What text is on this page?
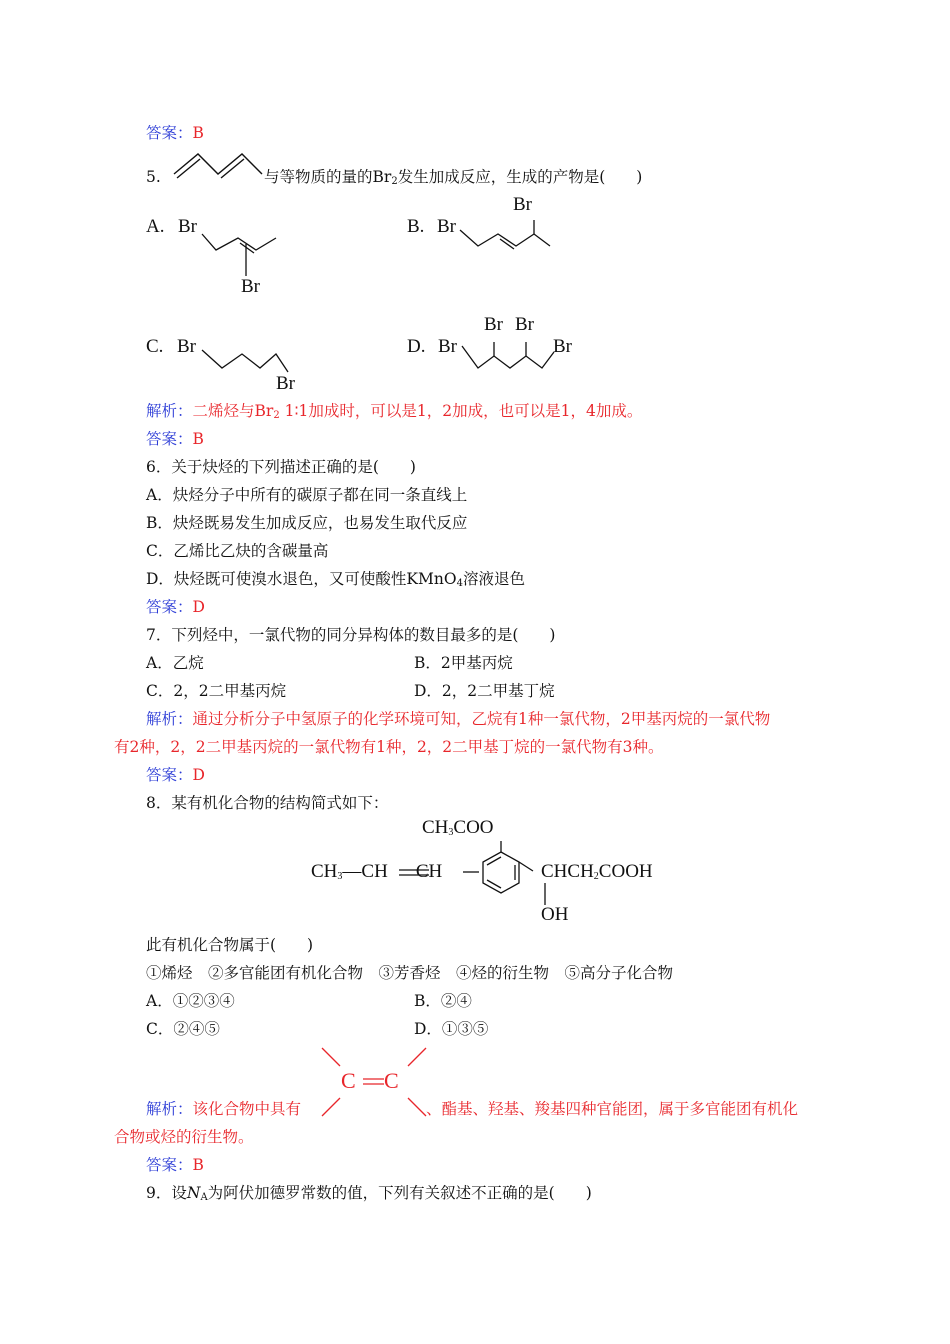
答案：B
5.	与等物质的量的$Br_2$发生加成反应，生成的产物是(　　)
A. Br
Br
B. Br
Br
C. Br
Br
D. Br
Br Br
Br
解析：二烯烃与$Br_2$ 1∶1加成时，可以是1，2加成，也可以是1，4加成。
答案：B
6．关于炔烃的下列描述正确的是(　　)
A．炔烃分子中所有的碳原子都在同一条直线上
B．炔烃既易发生加成反应，也易发生取代反应
C．乙烯比乙炔的含碳量高
D．炔烃既可使溴水退色，又可使酸性KMnO$_4$溶液退色
答案：D
7．下列烃中，一氯代物的同分异构体的数目最多的是(　　)
A．乙烷	B．2甲基丙烷
C．2，2二甲基丙烷	D．2，2二甲基丁烷
解析：通过分析分子中氢原子的化学环境可知，乙烷有1种一氯代物，2甲基丙烷的一氯代物
有2种，2，2二甲基丙烷的一氯代物有1种，2，2二甲基丁烷的一氯代物有3种。
答案：D
8．某有机化合物的结构简式如下：
$CH_3COO$
$CH_3—CH$ CH	$CHCH_2COOH$
OH
此有机化合物属于(　　)
①烯烃　②多官能团有机化合物　③芳香烃　④烃的衍生物　⑤高分子化合物
A．①②③④	B．②④
C．②④⑤	D．①③⑤
解析：该化合物中具有
C C
、酯基、羟基、羧基四种官能团，属于多官能团有机化
合物或烃的衍生物。
答案：B
9．设$N_A$为阿伏加德罗常数的值，下列有关叙述不正确的是(　　)
